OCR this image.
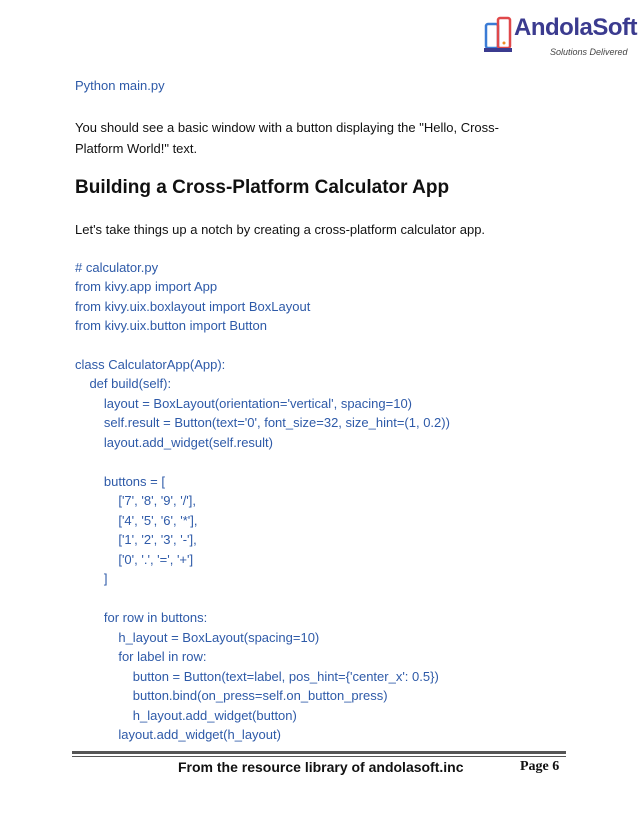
AndolaSoft
Solutions Delivered

Python main.py

You should see a basic window with a button displaying the "Hello, Cross-Platform World!" text.

Building a Cross-Platform Calculator App

Let's take things up a notch by creating a cross-platform calculator app.

# calculator.py

from kivy.app import App

from kivy.uix.boxlayout import BoxLayout

from kivy.uix.button import Button

class CalculatorApp(App):

def build(self):

layout = BoxLayout(orientation='vertical', spacing=10)

self.result = Button(text='0', font_size=32, size_hint=(1, 0.2))

layout.add_widget(self.result)

buttons = [

['7', '8', '9', '/'],

['4', '5', '6', '*'],

['1', '2', '3', '-'],

['0', '.', '=', '+']

]

for row in buttons:

h_layout = BoxLayout(spacing=10)

for label in row:

button = Button(text=label, pos_hint={'center_x': 0.5})

button.bind(on_press=self.on_button_press)

h_layout.add_widget(button)

layout.add_widget(h_layout)

From the resource library of andolasoft.inc	Page 6
